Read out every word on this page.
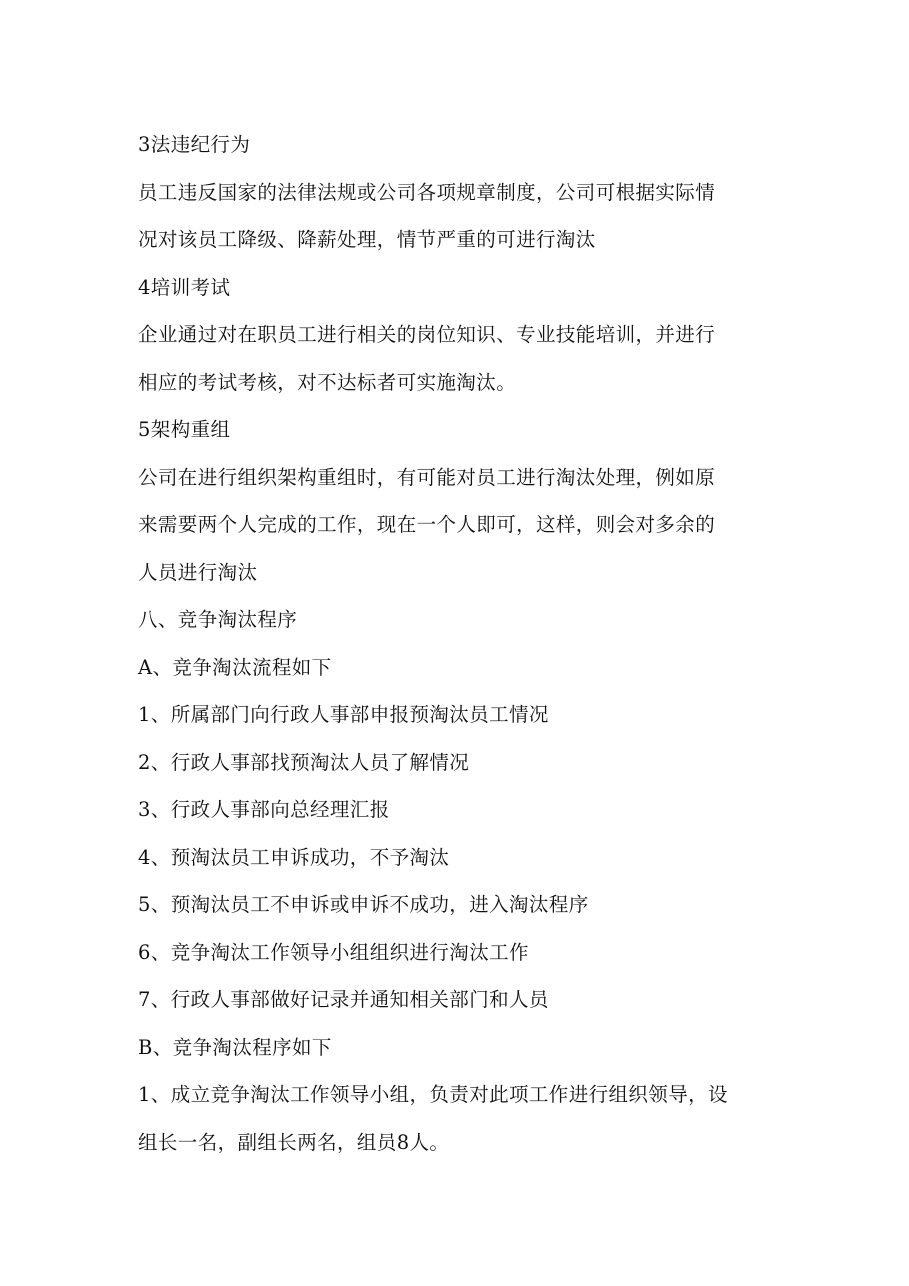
3法违纪行为
员工违反国家的法律法规或公司各项规章制度，公司可根据实际情
况对该员工降级、降薪处理，情节严重的可进行淘汰
4培训考试
企业通过对在职员工进行相关的岗位知识、专业技能培训，并进行
相应的考试考核，对不达标者可实施淘汰。
5架构重组
公司在进行组织架构重组时，有可能对员工进行淘汰处理，例如原
来需要两个人完成的工作，现在一个人即可，这样，则会对多余的
人员进行淘汰
八、竞争淘汰程序
A、竞争淘汰流程如下
1、所属部门向行政人事部申报预淘汰员工情况
2、行政人事部找预淘汰人员了解情况
3、行政人事部向总经理汇报
4、预淘汰员工申诉成功，不予淘汰
5、预淘汰员工不申诉或申诉不成功，进入淘汰程序
6、竞争淘汰工作领导小组组织进行淘汰工作
7、行政人事部做好记录并通知相关部门和人员
B、竞争淘汰程序如下
1、成立竞争淘汰工作领导小组，负责对此项工作进行组织领导，设
组长一名，副组长两名，组员8人。
